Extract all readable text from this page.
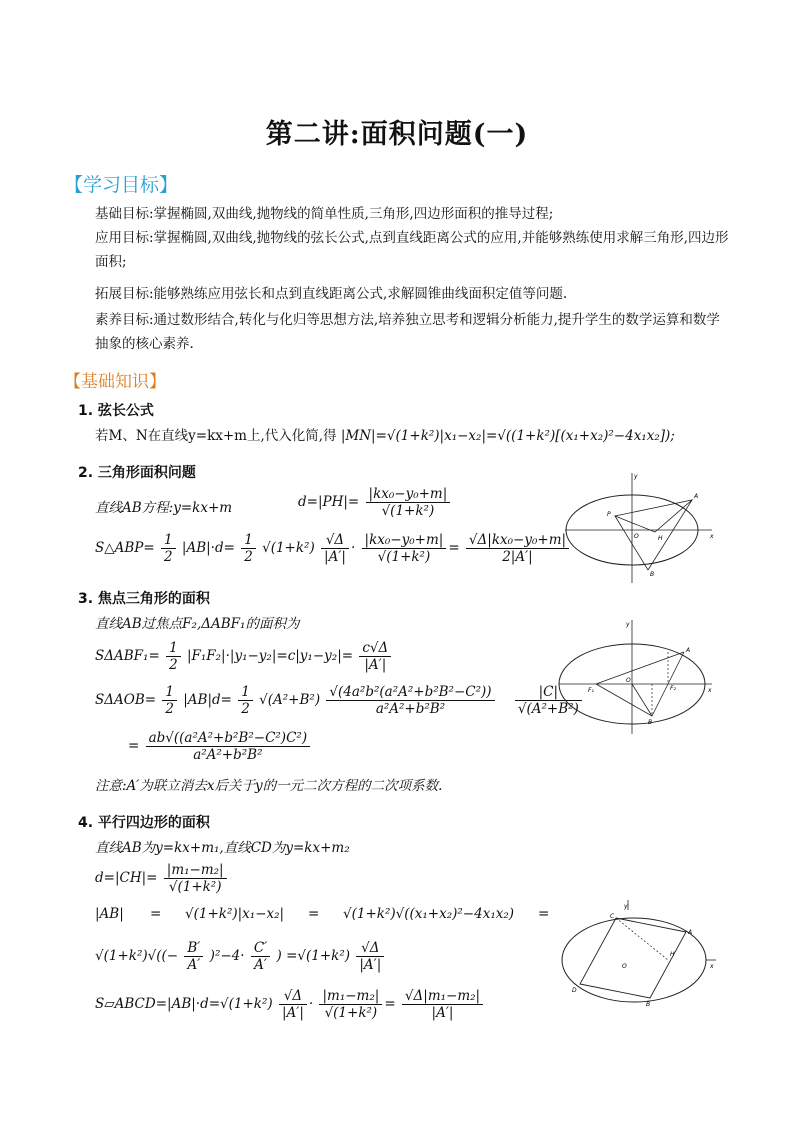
第二讲:面积问题(一)
【学习目标】
基础目标:掌握椭圆,双曲线,抛物线的简单性质,三角形,四边形面积的推导过程;
应用目标:掌握椭圆,双曲线,抛物线的弦长公式,点到直线距离公式的应用,并能够熟练使用求解三角形,四边形面积;
拓展目标:能够熟练应用弦长和点到直线距离公式,求解圆锥曲线面积定值等问题.
素养目标:通过数形结合,转化与化归等思想方法,培养独立思考和逻辑分析能力,提升学生的数学运算和数学抽象的核心素养.
【基础知识】
1. 弦长公式
若M、N在直线y=kx+m上,代入化简,得 |MN|=√(1+k²)|x₁−x₂|=√((1+k²)[(x₁+x₂)²−4x₁x₂]);
2. 三角形面积问题
直线AB方程:y=kx+m	$d=|PH|= \frac{\text{|kx₀−y₀+m|}}{\text{√(1+k²)}}$
S△ABP= $\frac{1}{2} |AB|\cdot d= \frac{1}{2} √(1+k^2) \frac{√\Delta}{|A'|} \cdot \frac{\text{|kx₀−y₀+m|}}{\text{√(1+k²)}} = \frac{\text{√Δ|kx₀−y₀+m|}}{2|A'|}$
y
A
P
O	H
B
x
3. 焦点三角形的面积
直线AB过焦点F₂,ΔABF₁的面积为
$S\Delta ABF_1= \frac{1}{2} |F_1F_2|\cdot|y_1-y_2|=c|y_1-y_2|= \frac{c√\Delta}{|A'|}$
$S\Delta AOB= \frac{1}{2} |AB|d= \frac{1}{2} √(A^2+B^2) \frac{\text{√(4a²b²(a²A²+b²B²−C²))}}{\text{a²A²+b²B²}}$
$\frac{|C|}{\text{√(A²+B²)}}$
= $\frac{\text{ab√((a²A²+b²B²−C²)C²)}}{\text{a²A²+b²B²}}$
注意:A′为联立消去x后关于y的一元二次方程的二次项系数.
y
A
F₁
O
F₂
B
x
4. 平行四边形的面积
直线AB为y=kx+m₁,直线CD为y=kx+m₂
$d=|CH|= \frac{\text{|m₁−m₂|}}{\text{√(1+k²)}}$
|AB| = √(1+k²)|x₁−x₂| = √(1+k²)√((x₁+x₂)²−4x₁x₂) =
$√(1+k^2)√((- \frac{B'}{A'} )^2-4\cdot \frac{C'}{A'}$ ) $=√(1+k^2) \frac{√\Delta}{|A'|}$
S▱ABCD=|AB|·d=√(1+k²) $\frac{√\Delta}{|A'|} \cdot \frac{\text{|m₁−m₂|}}{\text{√(1+k²)}} = \frac{\text{√Δ|m₁−m₂|}}{|A'|}$
y
C
A
H
O
D
B
x
